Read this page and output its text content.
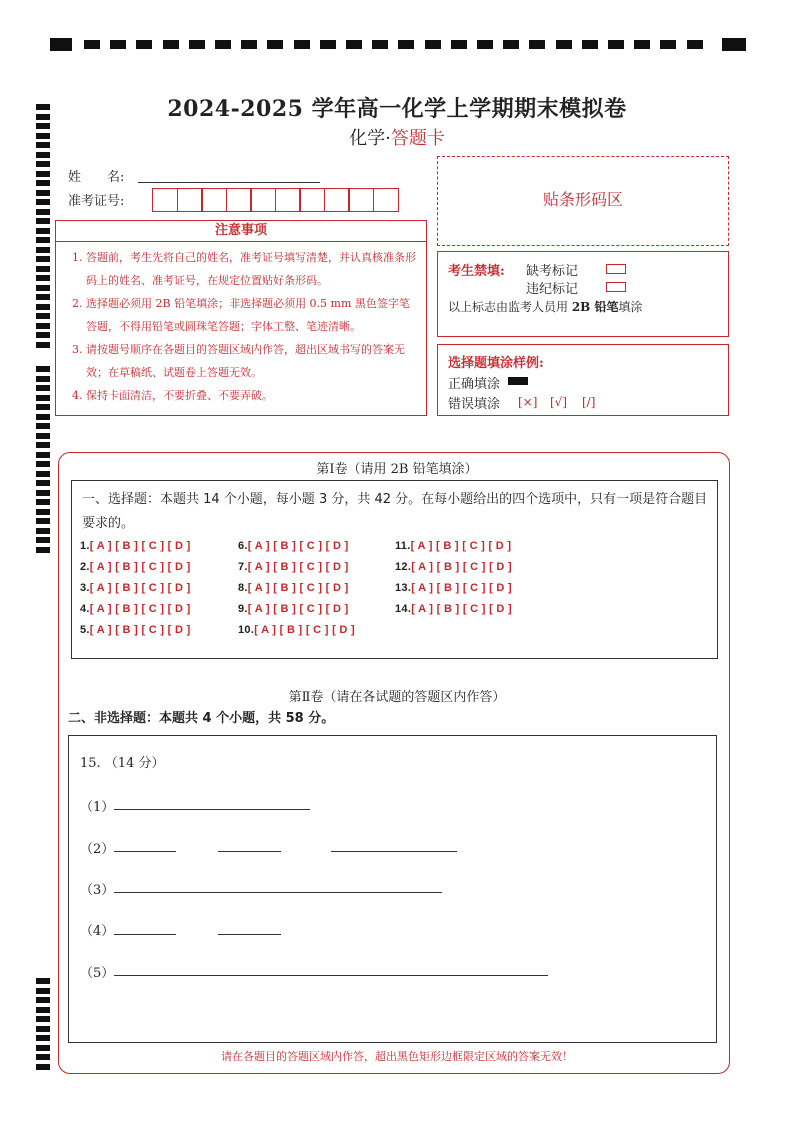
2024-2025 学年高一化学上学期期末模拟卷
化学·答题卡
姓　　名:
准考证号:	贴条形码区
注意事项
1. 答题前，考生先将自己的姓名，准考证号填写清楚，并认真核准条形码上的姓名、准考证号，在规定位置贴好条形码。
2. 选择题必须用 2B 铅笔填涂；非选择题必须用 0.5 mm 黑色签字笔答题，不得用铅笔或圆珠笔答题；字体工整、笔迹清晰。
3. 请按题号顺序在各题目的答题区域内作答，超出区域书写的答案无效；在草稿纸、试题卷上答题无效。
4. 保持卡面清洁，不要折叠、不要弄破。
考生禁填: 缺考标记
违纪标记
以上标志由监考人员用 2B 铅笔填涂
选择题填涂样例:
正确填涂
错误填涂 [×] [√] [/]
第Ⅰ卷（请用 2B 铅笔填涂）
一、选择题：本题共 14 个小题，每小题 3 分，共 42 分。在每小题给出的四个选项中，只有一项是符合题目要求的。
1.[ A ] [ B ] [ C ] [ D ]
2.[ A ] [ B ] [ C ] [ D ]
3.[ A ] [ B ] [ C ] [ D ]
4.[ A ] [ B ] [ C ] [ D ]
5.[ A ] [ B ] [ C ] [ D ]
6.[ A ] [ B ] [ C ] [ D ]
7.[ A ] [ B ] [ C ] [ D ]
8.[ A ] [ B ] [ C ] [ D ]
9.[ A ] [ B ] [ C ] [ D ]
10.[ A ] [ B ] [ C ] [ D ]
11.[ A ] [ B ] [ C ] [ D ]
12.[ A ] [ B ] [ C ] [ D ]
13.[ A ] [ B ] [ C ] [ D ]
14.[ A ] [ B ] [ C ] [ D ]
第Ⅱ卷（请在各试题的答题区内作答）
二、非选择题：本题共 4 个小题，共 58 分。
15. （14 分）
（1）
（2）
（3）
（4）
（5）
请在各题目的答题区域内作答，超出黑色矩形边框限定区域的答案无效！
